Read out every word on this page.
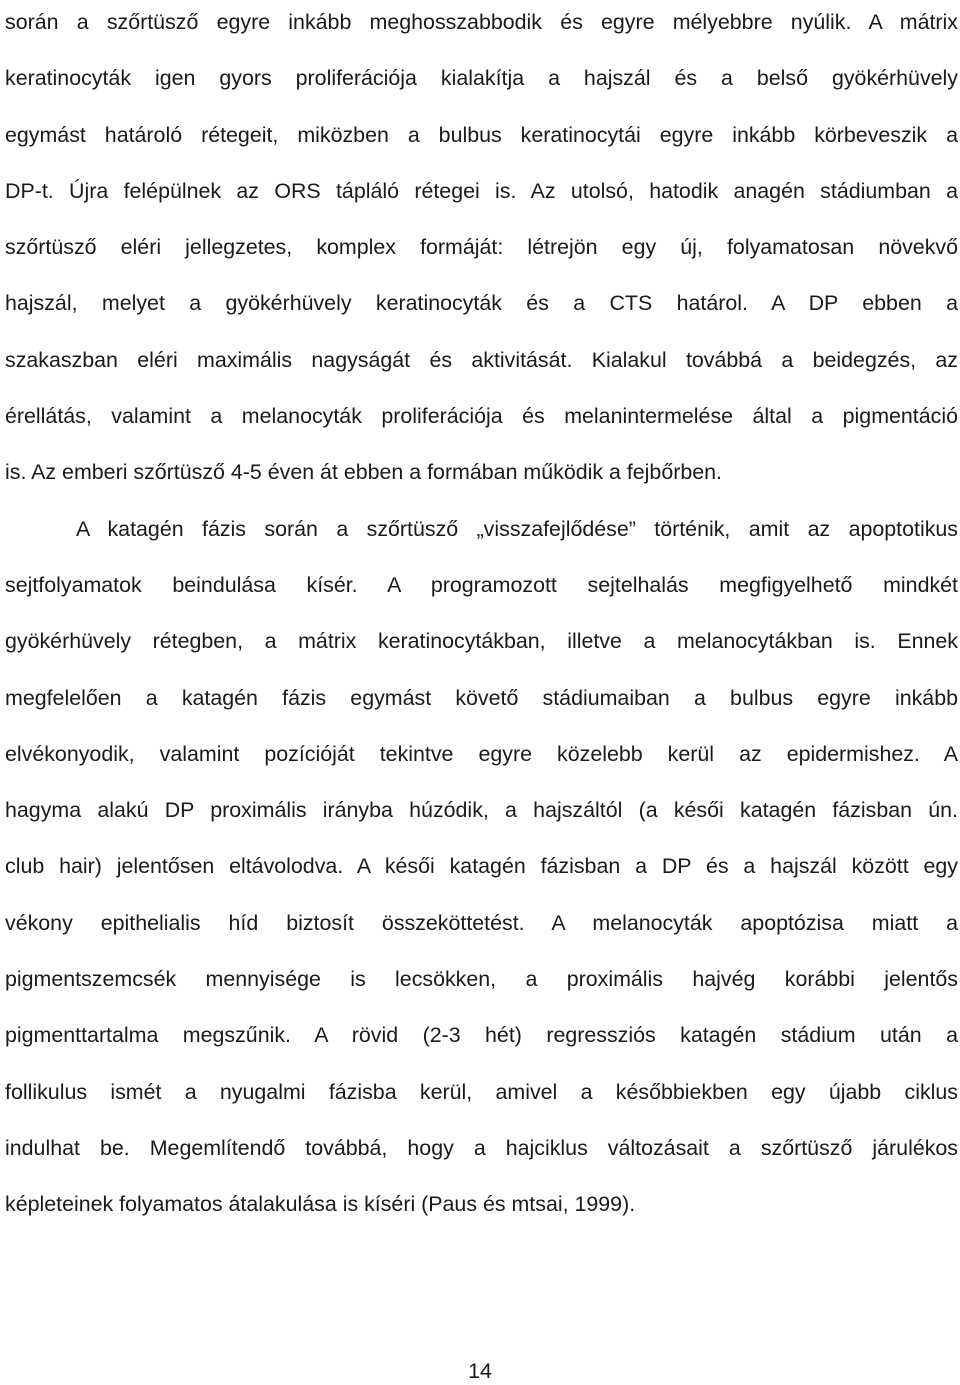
során a szőrtüsző egyre inkább meghosszabbodik és egyre mélyebbre nyúlik. A mátrix
keratinocyták igen gyors proliferációja kialakítja a hajszál és a belső gyökérhüvely
egymást határoló rétegeit, miközben a bulbus keratinocytái egyre inkább körbeveszik a
DP-t. Újra felépülnek az ORS tápláló rétegei is. Az utolsó, hatodik anagén stádiumban a
szőrtüsző eléri jellegzetes, komplex formáját: létrejön egy új, folyamatosan növekvő
hajszál, melyet a gyökérhüvely keratinocyták és a CTS határol. A DP ebben a
szakaszban eléri maximális nagyságát és aktivitását. Kialakul továbbá a beidegzés, az
érellátás, valamint a melanocyták proliferációja és melanintermelése által a pigmentáció
is. Az emberi szőrtüsző 4-5 éven át ebben a formában működik a fejbőrben.
A katagén fázis során a szőrtüsző „visszafejlődése” történik, amit az apoptotikus
sejtfolyamatok beindulása kísér. A programozott sejtelhalás megfigyelhető mindkét
gyökérhüvely rétegben, a mátrix keratinocytákban, illetve a melanocytákban is. Ennek
megfelelően a katagén fázis egymást követő stádiumaiban a bulbus egyre inkább
elvékonyodik, valamint pozícióját tekintve egyre közelebb kerül az epidermishez. A
hagyma alakú DP proximális irányba húzódik, a hajszáltól (a késői katagén fázisban ún.
club hair) jelentősen eltávolodva. A késői katagén fázisban a DP és a hajszál között egy
vékony epithelialis híd biztosít összeköttetést. A melanocyták apoptózisa miatt a
pigmentszemcsék mennyisége is lecsökken, a proximális hajvég korábbi jelentős
pigmenttartalma megszűnik. A rövid (2-3 hét) regressziós katagén stádium után a
follikulus ismét a nyugalmi fázisba kerül, amivel a későbbiekben egy újabb ciklus
indulhat be. Megemlítendő továbbá, hogy a hajciklus változásait a szőrtüsző járulékos
képleteinek folyamatos átalakulása is kíséri (Paus és mtsai, 1999).
14
